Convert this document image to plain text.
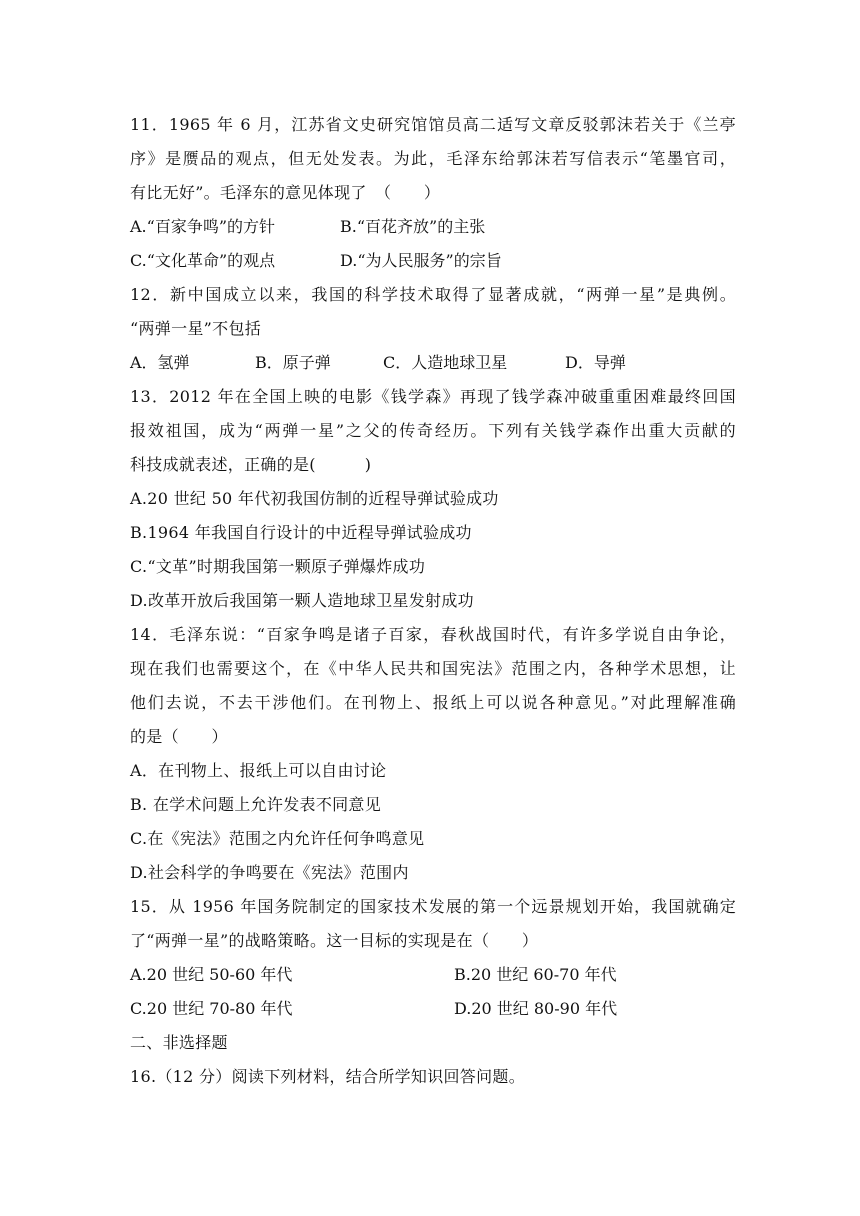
11．1965 年 6 月，江苏省文史研究馆馆员高二适写文章反驳郭沫若关于《兰亭
序》是赝品的观点，但无处发表。为此，毛泽东给郭沫若写信表示“笔墨官司，
有比无好”。毛泽东的意见体现了　（　　）
A.“百家争鸣”的方针	B.“百花齐放”的主张
C.“文化革命”的观点	D.“为人民服务”的宗旨
12．新中国成立以来，我国的科学技术取得了显著成就，“两弹一星”是典例。
“两弹一星”不包括
A．氢弹	B．原子弹	C．人造地球卫星	D．导弹
13．2012 年在全国上映的电影《钱学森》再现了钱学森冲破重重困难最终回国
报效祖国，成为“两弹一星”之父的传奇经历。下列有关钱学森作出重大贡献的
科技成就表述，正确的是(　　　)
A.20 世纪 50 年代初我国仿制的近程导弹试验成功
B.1964 年我国自行设计的中近程导弹试验成功
C.“文革”时期我国第一颗原子弹爆炸成功
D.改革开放后我国第一颗人造地球卫星发射成功
14．毛泽东说：“百家争鸣是诸子百家，春秋战国时代，有许多学说自由争论，
现在我们也需要这个，在《中华人民共和国宪法》范围之内，各种学术思想，让
他们去说，不去干涉他们。在刊物上、报纸上可以说各种意见。”对此理解准确
的是（　　）
A．在刊物上、报纸上可以自由讨论
B. 在学术问题上允许发表不同意见
C.在《宪法》范围之内允许任何争鸣意见
D.社会科学的争鸣要在《宪法》范围内
15．从 1956 年国务院制定的国家技术发展的第一个远景规划开始，我国就确定
了“两弹一星”的战略策略。这一目标的实现是在（　　）
A.20 世纪 50-60 年代	B.20 世纪 60-70 年代
C.20 世纪 70-80 年代	D.20 世纪 80-90 年代
二、非选择题
16.（12 分）阅读下列材料，结合所学知识回答问题。
